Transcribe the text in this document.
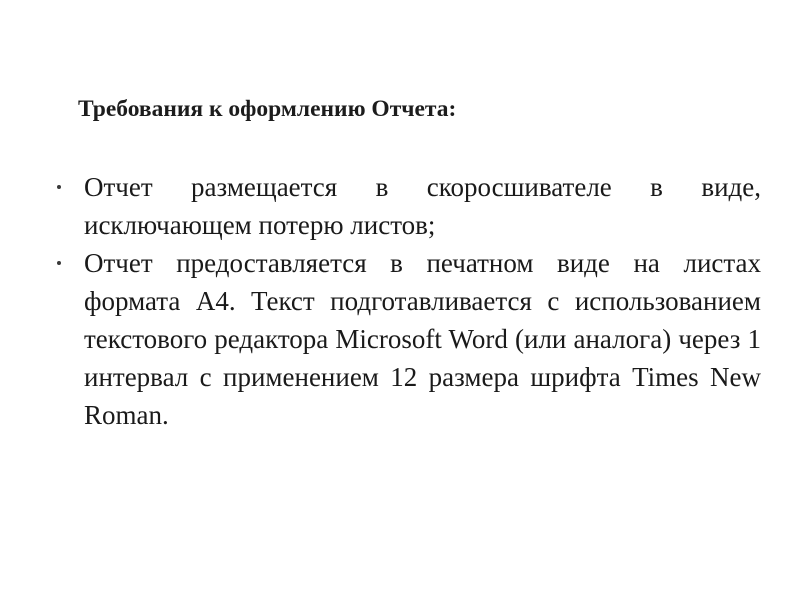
Требования к оформлению Отчета:
Отчет размещается в скоросшивателе в виде, исключающем потерю листов;
Отчет предоставляется в печатном виде на листах формата А4. Текст подготавливается с использованием текстового редактора Microsoft Word (или аналога) через 1 интервал с применением 12 размера шрифта Times New Roman.
